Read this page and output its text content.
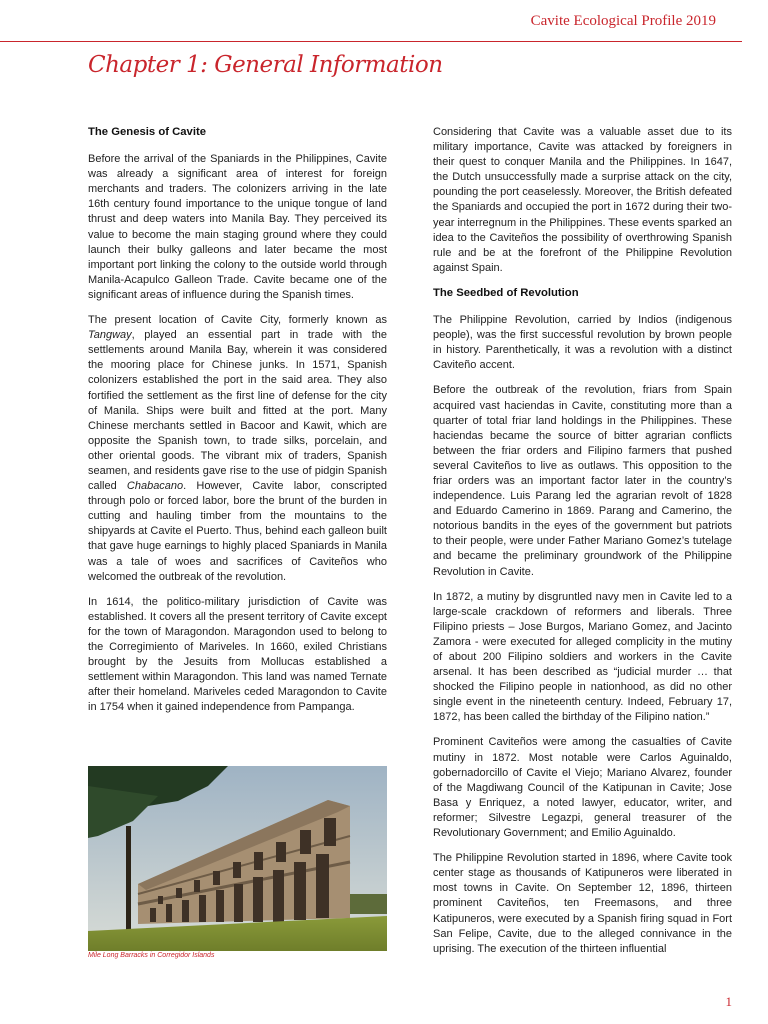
Cavite Ecological Profile 2019
Chapter 1: General Information
The Genesis of Cavite

Before the arrival of the Spaniards in the Philippines, Cavite was already a significant area of interest for foreign merchants and traders. The colonizers arriving in the late 16th century found importance to the unique tongue of land thrust and deep waters into Manila Bay. They perceived its value to become the main staging ground where they could launch their bulky galleons and later became the most important port linking the colony to the outside world through Manila-Acapulco Galleon Trade. Cavite became one of the significant areas of influence during the Spanish times.

The present location of Cavite City, formerly known as Tangway, played an essential part in trade with the settlements around Manila Bay, wherein it was considered the mooring place for Chinese junks. In 1571, Spanish colonizers established the port in the said area. They also fortified the settlement as the first line of defense for the city of Manila. Ships were built and fitted at the port. Many Chinese merchants settled in Bacoor and Kawit, which are opposite the Spanish town, to trade silks, porcelain, and other oriental goods. The vibrant mix of traders, Spanish seamen, and residents gave rise to the use of pidgin Spanish called Chabacano. However, Cavite labor, conscripted through polo or forced labor, bore the brunt of the burden in cutting and hauling timber from the mountains to the shipyards at Cavite el Puerto. Thus, behind each galleon built that gave huge earnings to highly placed Spaniards in Manila was a tale of woes and sacrifices of Caviteños who welcomed the outbreak of the revolution.

In 1614, the politico-military jurisdiction of Cavite was established. It covers all the present territory of Cavite except for the town of Maragondon. Maragondon used to belong to the Corregimiento of Mariveles. In 1660, exiled Christians brought by the Jesuits from Mollucas established a settlement within Maragondon. This land was named Ternate after their homeland. Mariveles ceded Maragondon to Cavite in 1754 when it gained independence from Pampanga.

Mile Long Barracks in Corregidor Islands

Considering that Cavite was a valuable asset due to its military importance, Cavite was attacked by foreigners in their quest to conquer Manila and the Philippines. In 1647, the Dutch unsuccessfully made a surprise attack on the city, pounding the port ceaselessly. Moreover, the British defeated the Spaniards and occupied the port in 1672 during their two-year interregnum in the Philippines. These events sparked an idea to the Caviteños the possibility of overthrowing Spanish rule and be at the forefront of the Philippine Revolution against Spain.

The Seedbed of Revolution

The Philippine Revolution, carried by Indios (indigenous people), was the first successful revolution by brown people in history. Parenthetically, it was a revolution with a distinct Caviteño accent.

Before the outbreak of the revolution, friars from Spain acquired vast haciendas in Cavite, constituting more than a quarter of total friar land holdings in the Philippines. These haciendas became the source of bitter agrarian conflicts between the friar orders and Filipino farmers that pushed several Caviteños to live as outlaws. This opposition to the friar orders was an important factor later in the country’s independence. Luis Parang led the agrarian revolt of 1828 and Eduardo Camerino in 1869. Parang and Camerino, the notorious bandits in the eyes of the government but patriots to their people, were under Father Mariano Gomez’s tutelage and became the preliminary groundwork of the Philippine Revolution in Cavite.

In 1872, a mutiny by disgruntled navy men in Cavite led to a large-scale crackdown of reformers and liberals. Three Filipino priests – Jose Burgos, Mariano Gomez, and Jacinto Zamora - were executed for alleged complicity in the mutiny of about 200 Filipino soldiers and workers in the Cavite arsenal. It has been described as “judicial murder … that shocked the Filipino people in nationhood, as did no other single event in the nineteenth century. Indeed, February 17, 1872, has been called the birthday of the Filipino nation.”

Prominent Caviteños were among the casualties of Cavite mutiny in 1872. Most notable were Carlos Aguinaldo, gobernadorcillo of Cavite el Viejo; Mariano Alvarez, founder of the Magdiwang Council of the Katipunan in Cavite; Jose Basa y Enriquez, a noted lawyer, educator, writer, and reformer; Silvestre Legazpi, general treasurer of the Revolutionary Government; and Emilio Aguinaldo.

The Philippine Revolution started in 1896, where Cavite took center stage as thousands of Katipuneros were liberated in most towns in Cavite. On September 12, 1896, thirteen prominent Caviteños, ten Freemasons, and three Katipuneros, were executed by a Spanish firing squad in Fort San Felipe, Cavite, due to the alleged connivance in the uprising. The execution of the thirteen influential

1
